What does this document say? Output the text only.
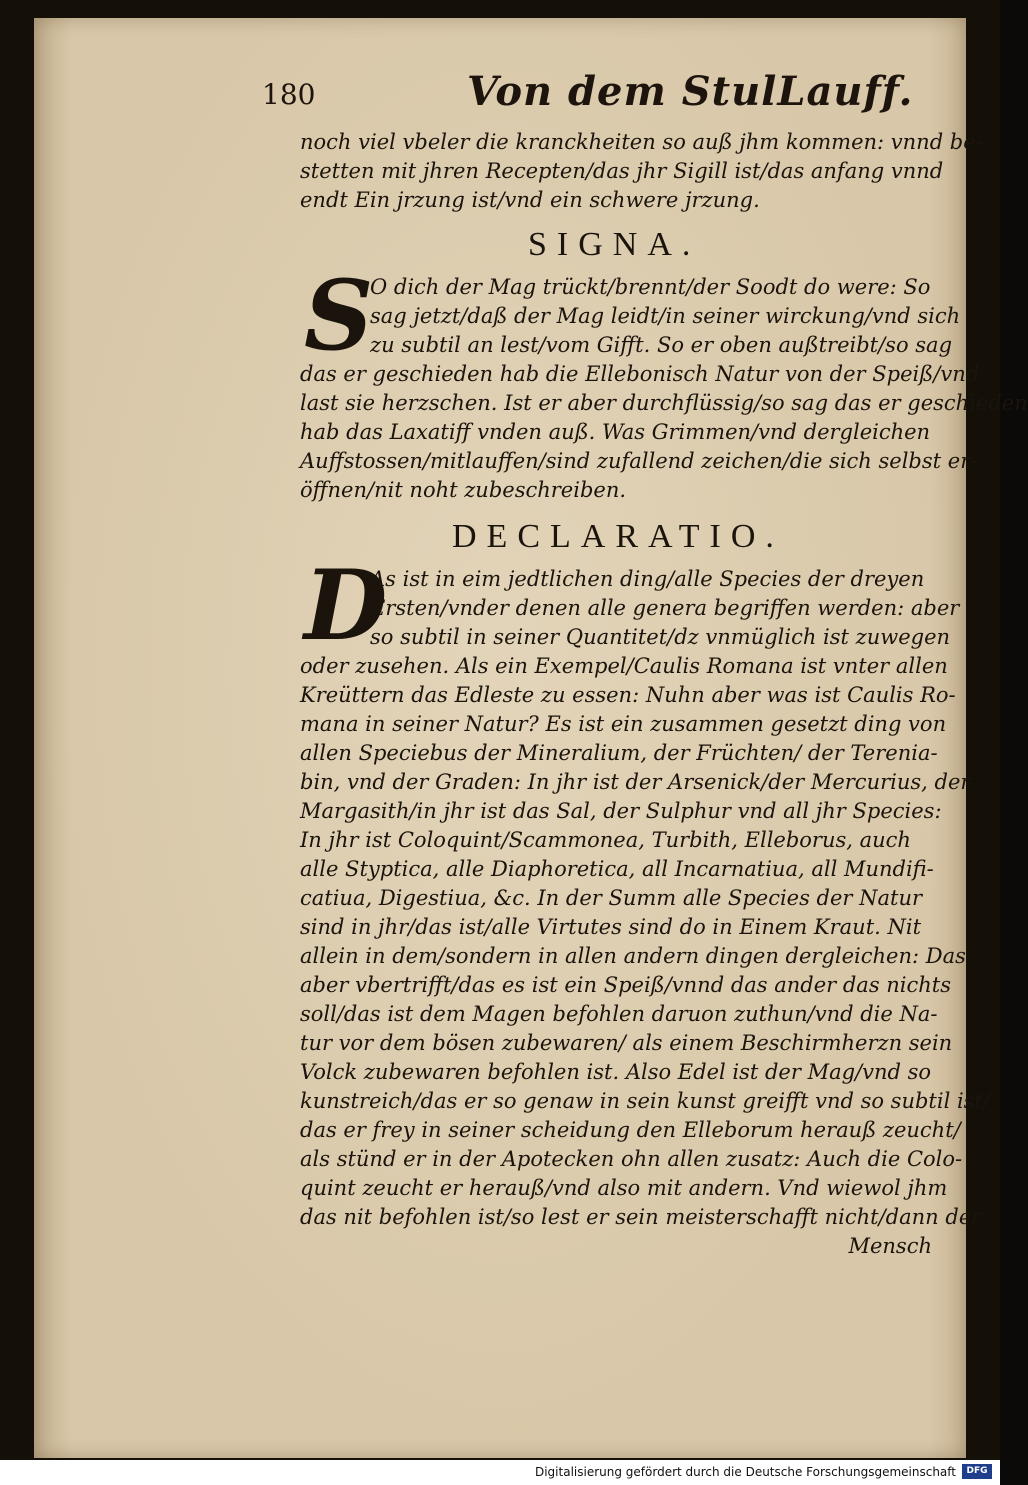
180	Von dem StulLauff.
noch viel vbeler die kranckheiten so auß jhm kommen: vnnd be-
stetten mit jhren Recepten/das jhr Sigill ist/das anfang vnnd
endt Ein jrzung ist/vnd ein schwere jrzung.
SIGNA.
S
O dich der Mag trückt/brennt/der Soodt do were: So
sag jetzt/daß der Mag leidt/in seiner wirckung/vnd sich
zu subtil an lest/vom Gifft. So er oben außtreibt/so sag
das er geschieden hab die Ellebonisch Natur von der Speiß/vnd
last sie herzschen. Ist er aber durchflüssig/so sag das er geschieden
hab das Laxatiff vnden auß. Was Grimmen/vnd dergleichen
Auffstossen/mitlauffen/sind zufallend zeichen/die sich selbst er-
öffnen/nit noht zubeschreiben.
DECLARATIO.
D
As ist in eim jedtlichen ding/alle Species der dreyen
Ersten/vnder denen alle genera begriffen werden: aber
so subtil in seiner Quantitet/dz vnmüglich ist zuwegen
oder zusehen. Als ein Exempel/Caulis Romana ist vnter allen
Kreüttern das Edleste zu essen: Nuhn aber was ist Caulis Ro-
mana in seiner Natur? Es ist ein zusammen gesetzt ding von
allen Speciebus der Mineralium, der Früchten/ der Terenia-
bin, vnd der Graden: In jhr ist der Arsenick/der Mercurius, der
Margasith/in jhr ist das Sal, der Sulphur vnd all jhr Species:
In jhr ist Coloquint/Scammonea, Turbith, Elleborus, auch
alle Styptica, alle Diaphoretica, all Incarnatiua, all Mundifi-
catiua, Digestiua, &c. In der Summ alle Species der Natur
sind in jhr/das ist/alle Virtutes sind do in Einem Kraut. Nit
allein in dem/sondern in allen andern dingen dergleichen: Das
aber vbertrifft/das es ist ein Speiß/vnnd das ander das nichts
soll/das ist dem Magen befohlen daruon zuthun/vnd die Na-
tur vor dem bösen zubewaren/ als einem Beschirmherzn sein
Volck zubewaren befohlen ist. Also Edel ist der Mag/vnd so
kunstreich/das er so genaw in sein kunst greifft vnd so subtil ist/
das er frey in seiner scheidung den Elleborum herauß zeucht/
als stünd er in der Apotecken ohn allen zusatz: Auch die Colo-
quint zeucht er herauß/vnd also mit andern. Vnd wiewol jhm
das nit befohlen ist/so lest er sein meisterschafft nicht/dann der
Mensch
Digitalisierung gefördert durch die Deutsche Forschungsgemeinschaft	DFG
